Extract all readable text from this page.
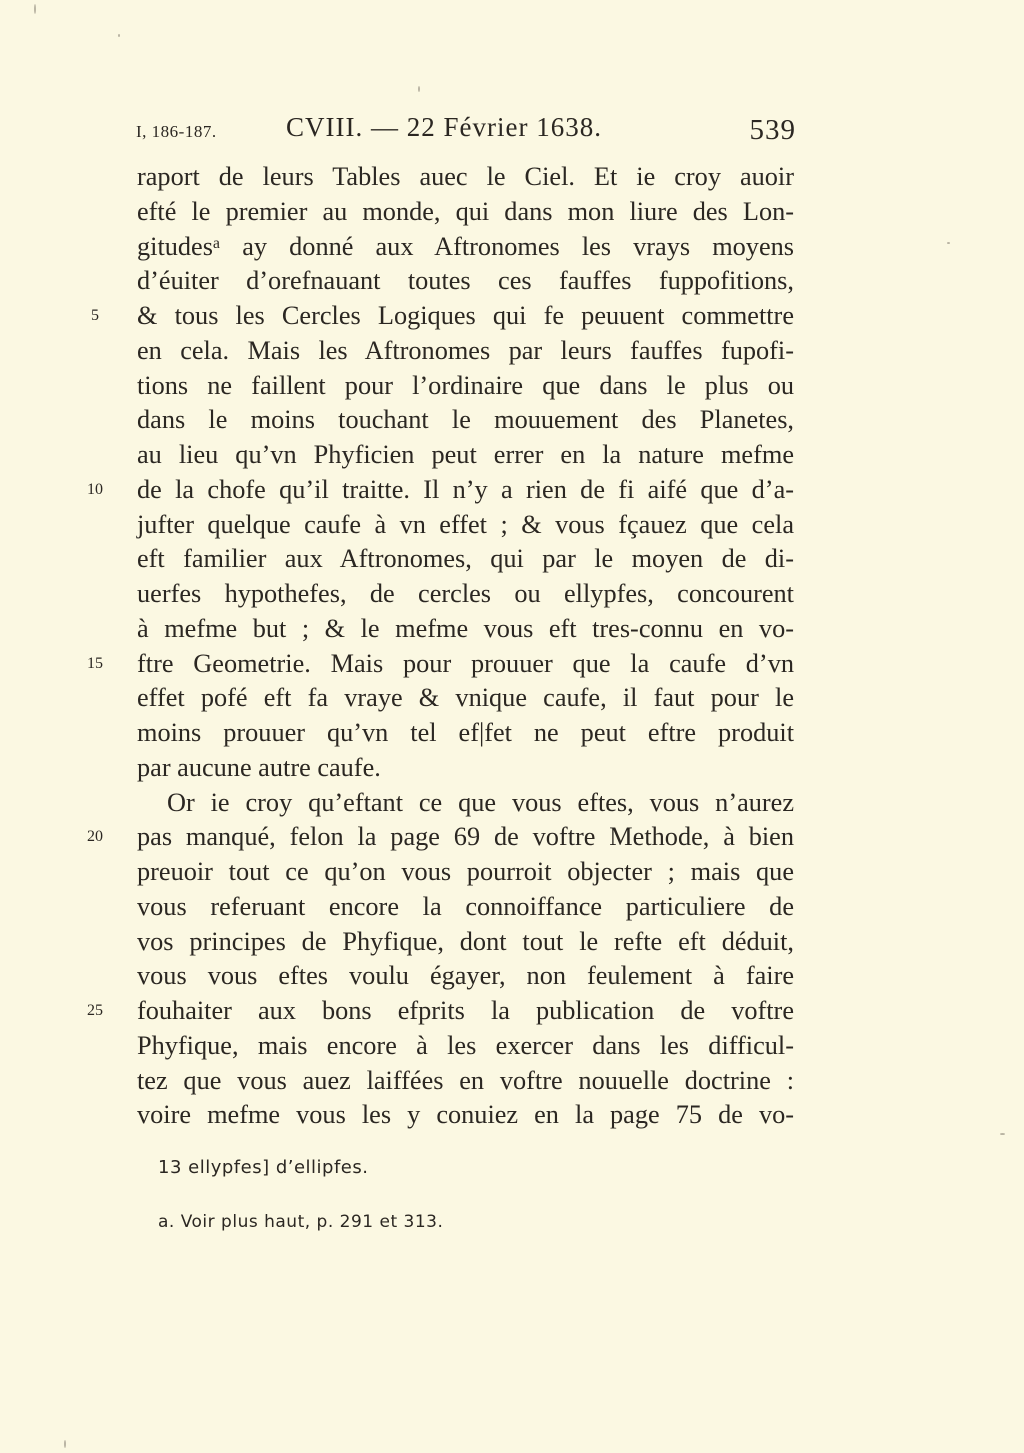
I, 186-187.	CVIII. — 22 Février 1638.	539
raport de leurs Tables auec le Ciel. Et ie croy auoir
efté le premier au monde, qui dans mon liure des Lon-
gitudesᵃ ay donné aux Aftronomes les vrays moyens
d’éuiter d’orefnauant toutes ces fauffes fuppofitions,
5	& tous les Cercles Logiques qui fe peuuent commettre
en cela. Mais les Aftronomes par leurs fauffes fupofi-
tions ne faillent pour l’ordinaire que dans le plus ou
dans le moins touchant le mouuement des Planetes,
au lieu qu’vn Phyficien peut errer en la nature mefme
10	de la chofe qu’il traitte. Il n’y a rien de fi aifé que d’a-
jufter quelque caufe à vn effet ; & vous fçauez que cela
eft familier aux Aftronomes, qui par le moyen de di-
uerfes hypothefes, de cercles ou ellypfes, concourent
à mefme but ; & le mefme vous eft tres-connu en vo-
15	ftre Geometrie. Mais pour prouuer que la caufe d’vn
effet pofé eft fa vraye & vnique caufe, il faut pour le
moins prouuer qu’vn tel ef|fet ne peut eftre produit
par aucune autre caufe.
Or ie croy qu’eftant ce que vous eftes, vous n’aurez
20	pas manqué, felon la page 69 de voftre Methode, à bien
preuoir tout ce qu’on vous pourroit objecter ; mais que
vous referuant encore la connoiffance particuliere de
vos principes de Phyfique, dont tout le refte eft déduit,
vous vous eftes voulu égayer, non feulement à faire
25	fouhaiter aux bons efprits la publication de voftre
Phyfique, mais encore à les exercer dans les difficul-
tez que vous auez laiffées en voftre nouuelle doctrine :
voire mefme vous les y conuiez en la page 75 de vo-
13 ellypfes] d’ellipfes.
a. Voir plus haut, p. 291 et 313.
